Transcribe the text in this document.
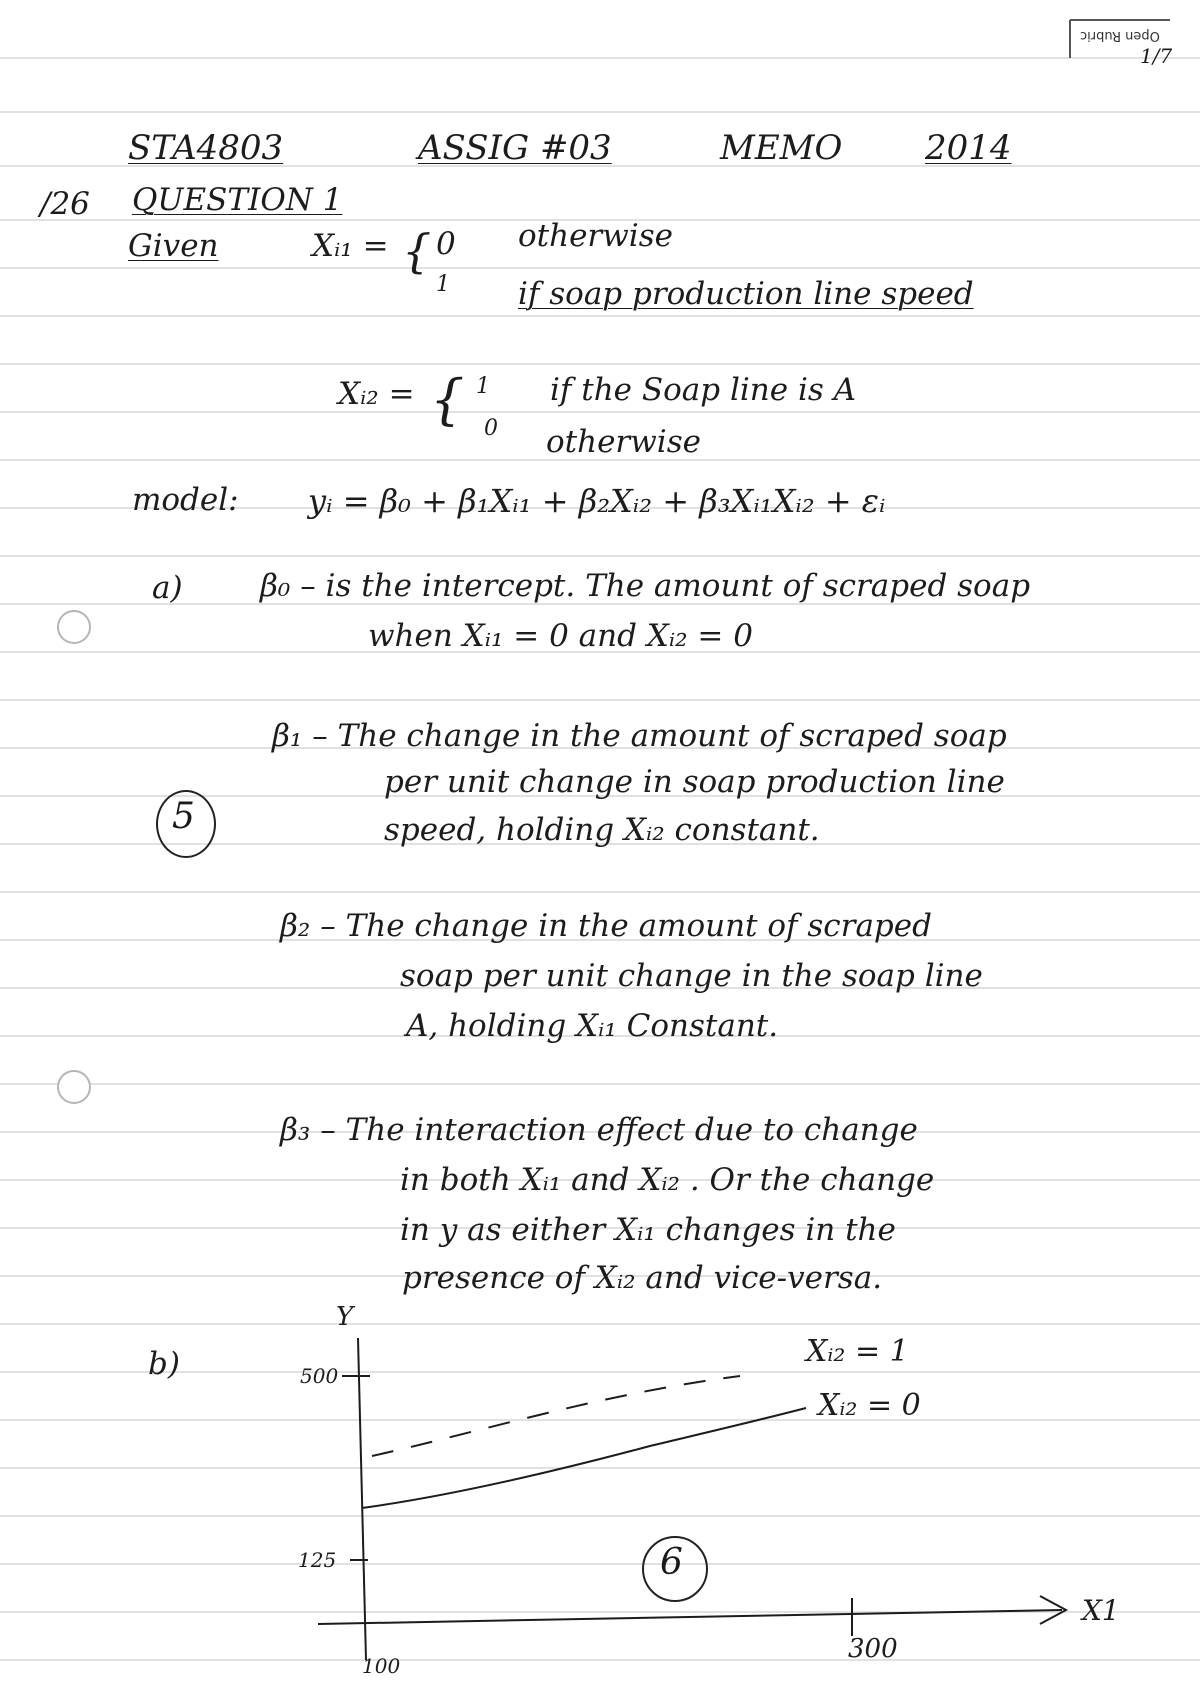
Open Rubric
1/7
STA4803	ASSIG #03	MEMO 2014
/26 QUESTION 1
Given	Xᵢ₁ = { 0 otherwise
1 if soap production line speed
Xᵢ₂ = { 1 if the Soap line is A
0 otherwise
model: yᵢ = β₀ + β₁Xᵢ₁ + β₂Xᵢ₂ + β₃Xᵢ₁Xᵢ₂ + εᵢ
a) β₀ – is the intercept. The amount of scraped soap
when Xᵢ₁ = 0 and Xᵢ₂ = 0
β₁ – The change in the amount of scraped soap
per unit change in soap production line
speed, holding Xᵢ₂ constant.
5
β₂ – The change in the amount of scraped
soap per unit change in the soap line
A, holding Xᵢ₁ Constant.
β₃ – The interaction effect due to change
in both Xᵢ₁ and Xᵢ₂ . Or the change
in y as either Xᵢ₁ changes in the
presence of Xᵢ₂ and vice-versa.
b)
Y
500
125
100
300
X1
Xᵢ₂ = 1
Xᵢ₂ = 0
6
